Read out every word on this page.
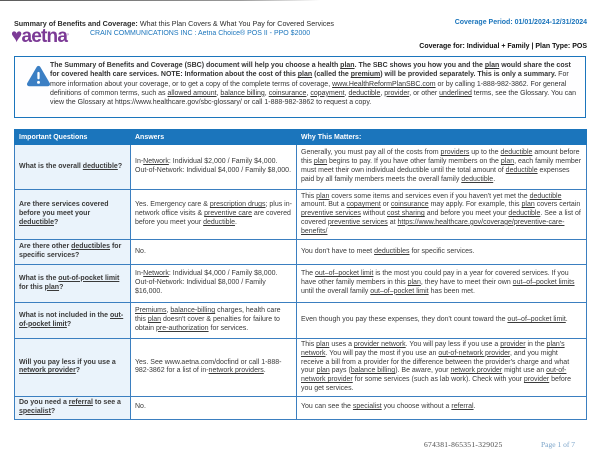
Summary of Benefits and Coverage: What this Plan Covers & What You Pay for Covered Services	Coverage Period: 01/01/2024-12/31/2024
♥aetna’	CRAIN COMMUNICATIONS INC : Aetna Choice® POS II - PPO $2000
Coverage for: Individual + Family | Plan Type: POS
The Summary of Benefits and Coverage (SBC) document will help you choose a health plan. The SBC shows you how you and the plan would share the cost for covered health care services. NOTE: Information about the cost of this plan (called the premium) will be provided separately. This is only a summary. For more information about your coverage, or to get a copy of the complete terms of coverage, www.HealthReformPlanSBC.com or by calling 1-888-982-3862. For general definitions of common terms, such as allowed amount, balance billing, coinsurance, copayment, deductible, provider, or other underlined terms, see the Glossary. You can view the Glossary at https://www.healthcare.gov/sbc-glossary/ or call 1-888-982-3862 to request a copy.
Important Questions	Answers	Why This Matters:
What is the overall deductible?	In-Network: Individual $2,000 / Family $4,000. Out-of-Network: Individual $4,000 / Family $8,000.	Generally, you must pay all of the costs from providers up to the deductible amount before this plan begins to pay. If you have other family members on the plan, each family member must meet their own individual deductible until the total amount of deductible expenses paid by all family members meets the overall family deductible.
Are there services covered before you meet your deductible?	Yes. Emergency care & prescription drugs; plus in-network office visits & preventive care are covered before you meet your deductible.	This plan covers some items and services even if you haven't yet met the deductible amount. But a copayment or coinsurance may apply. For example, this plan covers certain preventive services without cost sharing and before you meet your deductible. See a list of covered preventive services at https://www.healthcare.gov/coverage/preventive-care-benefits/
Are there other deductibles for specific services?	No.	You don't have to meet deductibles for specific services.
What is the out-of-pocket limit for this plan?	In-Network: Individual $4,000 / Family $8,000. Out-of-Network: Individual $8,000 / Family $16,000.	The out–of–pocket limit is the most you could pay in a year for covered services. If you have other family members in this plan, they have to meet their own out–of–pocket limits until the overall family out–of–pocket limit has been met.
What is not included in the out-of-pocket limit?	Premiums, balance-billing charges, health care this plan doesn't cover & penalties for failure to obtain pre-authorization for services.	Even though you pay these expenses, they don't count toward the out–of–pocket limit.
Will you pay less if you use a network provider?	Yes. See www.aetna.com/docfind or call 1-888-982-3862 for a list of in-network providers.	This plan uses a provider network. You will pay less if you use a provider in the plan's network. You will pay the most if you use an out-of-network provider, and you might receive a bill from a provider for the difference between the provider's charge and what your plan pays (balance billing). Be aware, your network provider might use an out-of-network provider for some services (such as lab work). Check with your provider before you get services.
Do you need a referral to see a specialist?	No.	You can see the specialist you choose without a referral.
674381-865351-329025	Page 1 of 7
